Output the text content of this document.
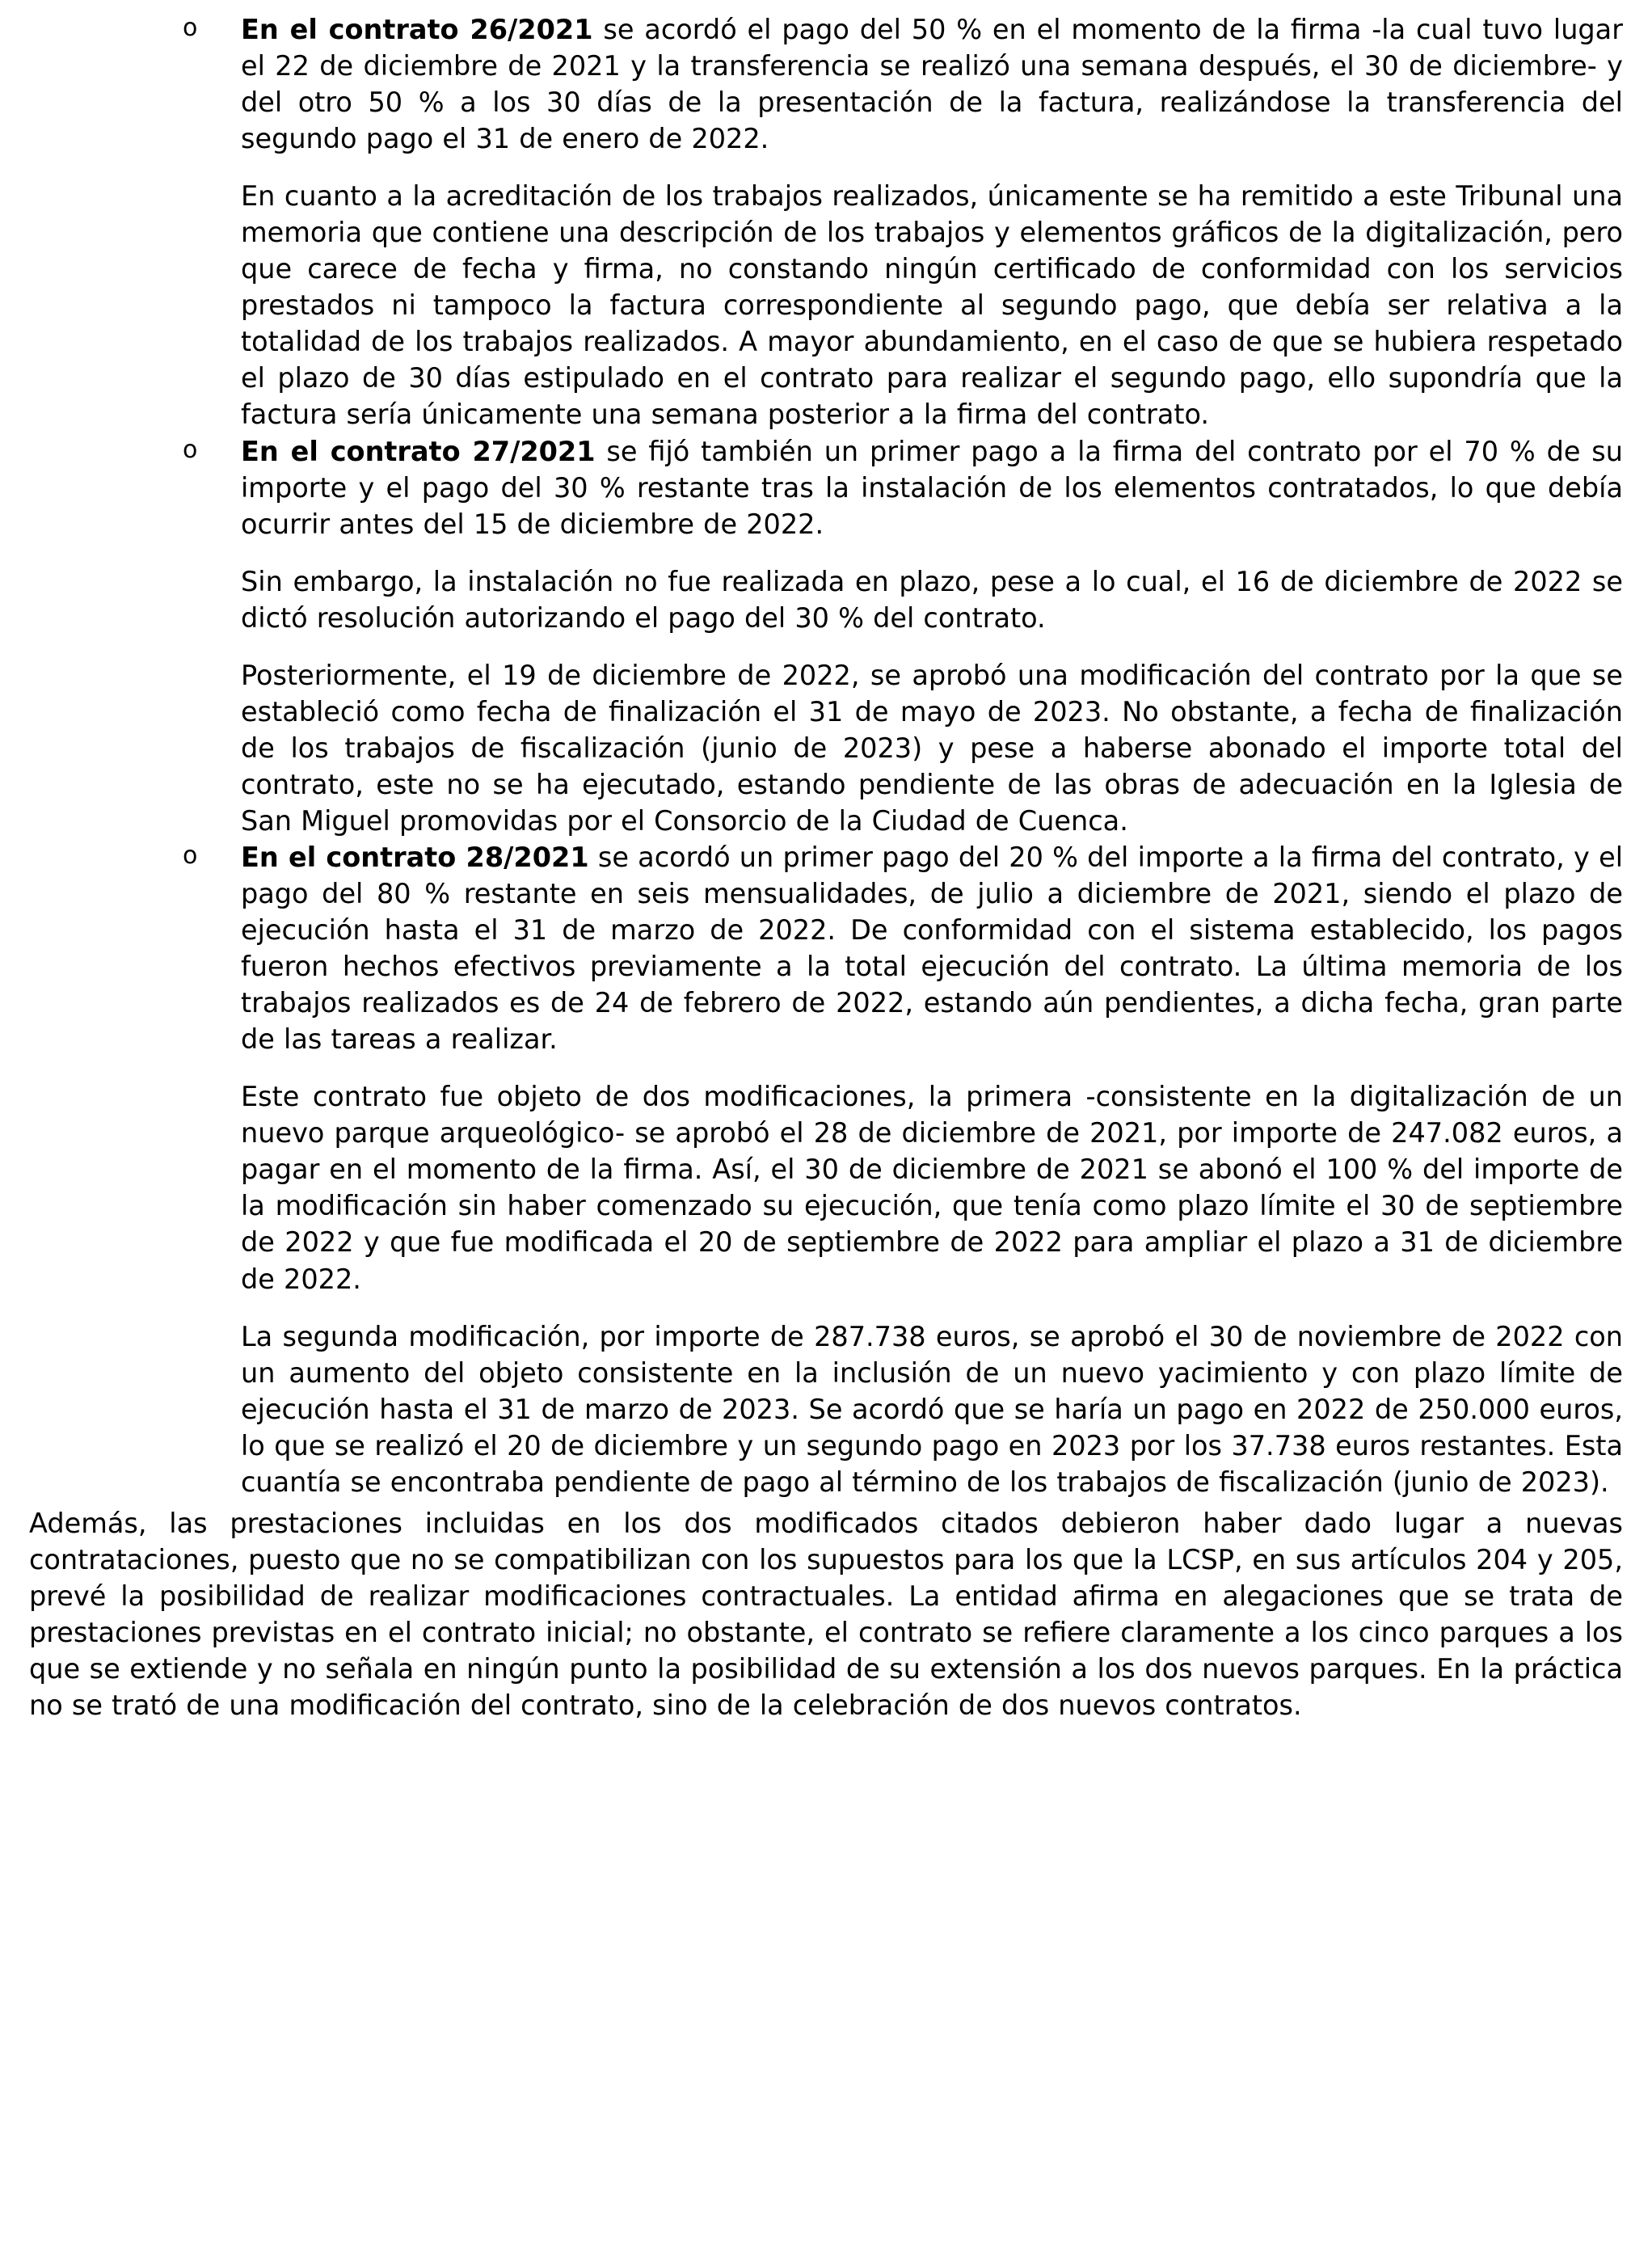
o En el contrato 26/2021 se acordó el pago del 50 % en el momento de la firma -la cual tuvo lugar el 22 de diciembre de 2021 y la transferencia se realizó una semana después, el 30 de diciembre- y del otro 50 % a los 30 días de la presentación de la factura, realizándose la transferencia del segundo pago el 31 de enero de 2022.

En cuanto a la acreditación de los trabajos realizados, únicamente se ha remitido a este Tribunal una memoria que contiene una descripción de los trabajos y elementos gráficos de la digitalización, pero que carece de fecha y firma, no constando ningún certificado de conformidad con los servicios prestados ni tampoco la factura correspondiente al segundo pago, que debía ser relativa a la totalidad de los trabajos realizados. A mayor abundamiento, en el caso de que se hubiera respetado el plazo de 30 días estipulado en el contrato para realizar el segundo pago, ello supondría que la factura sería únicamente una semana posterior a la firma del contrato.

o En el contrato 27/2021 se fijó también un primer pago a la firma del contrato por el 70 % de su importe y el pago del 30 % restante tras la instalación de los elementos contratados, lo que debía ocurrir antes del 15 de diciembre de 2022.

Sin embargo, la instalación no fue realizada en plazo, pese a lo cual, el 16 de diciembre de 2022 se dictó resolución autorizando el pago del 30 % del contrato.

Posteriormente, el 19 de diciembre de 2022, se aprobó una modificación del contrato por la que se estableció como fecha de finalización el 31 de mayo de 2023. No obstante, a fecha de finalización de los trabajos de fiscalización (junio de 2023) y pese a haberse abonado el importe total del contrato, este no se ha ejecutado, estando pendiente de las obras de adecuación en la Iglesia de San Miguel promovidas por el Consorcio de la Ciudad de Cuenca.

o En el contrato 28/2021 se acordó un primer pago del 20 % del importe a la firma del contrato, y el pago del 80 % restante en seis mensualidades, de julio a diciembre de 2021, siendo el plazo de ejecución hasta el 31 de marzo de 2022. De conformidad con el sistema establecido, los pagos fueron hechos efectivos previamente a la total ejecución del contrato. La última memoria de los trabajos realizados es de 24 de febrero de 2022, estando aún pendientes, a dicha fecha, gran parte de las tareas a realizar.

Este contrato fue objeto de dos modificaciones, la primera -consistente en la digitalización de un nuevo parque arqueológico- se aprobó el 28 de diciembre de 2021, por importe de 247.082 euros, a pagar en el momento de la firma. Así, el 30 de diciembre de 2021 se abonó el 100 % del importe de la modificación sin haber comenzado su ejecución, que tenía como plazo límite el 30 de septiembre de 2022 y que fue modificada el 20 de septiembre de 2022 para ampliar el plazo a 31 de diciembre de 2022.

La segunda modificación, por importe de 287.738 euros, se aprobó el 30 de noviembre de 2022 con un aumento del objeto consistente en la inclusión de un nuevo yacimiento y con plazo límite de ejecución hasta el 31 de marzo de 2023. Se acordó que se haría un pago en 2022 de 250.000 euros, lo que se realizó el 20 de diciembre y un segundo pago en 2023 por los 37.738 euros restantes. Esta cuantía se encontraba pendiente de pago al término de los trabajos de fiscalización (junio de 2023).

Además, las prestaciones incluidas en los dos modificados citados debieron haber dado lugar a nuevas contrataciones, puesto que no se compatibilizan con los supuestos para los que la LCSP, en sus artículos 204 y 205, prevé la posibilidad de realizar modificaciones contractuales. La entidad afirma en alegaciones que se trata de prestaciones previstas en el contrato inicial; no obstante, el contrato se refiere claramente a los cinco parques a los que se extiende y no señala en ningún punto la posibilidad de su extensión a los dos nuevos parques. En la práctica no se trató de una modificación del contrato, sino de la celebración de dos nuevos contratos.
